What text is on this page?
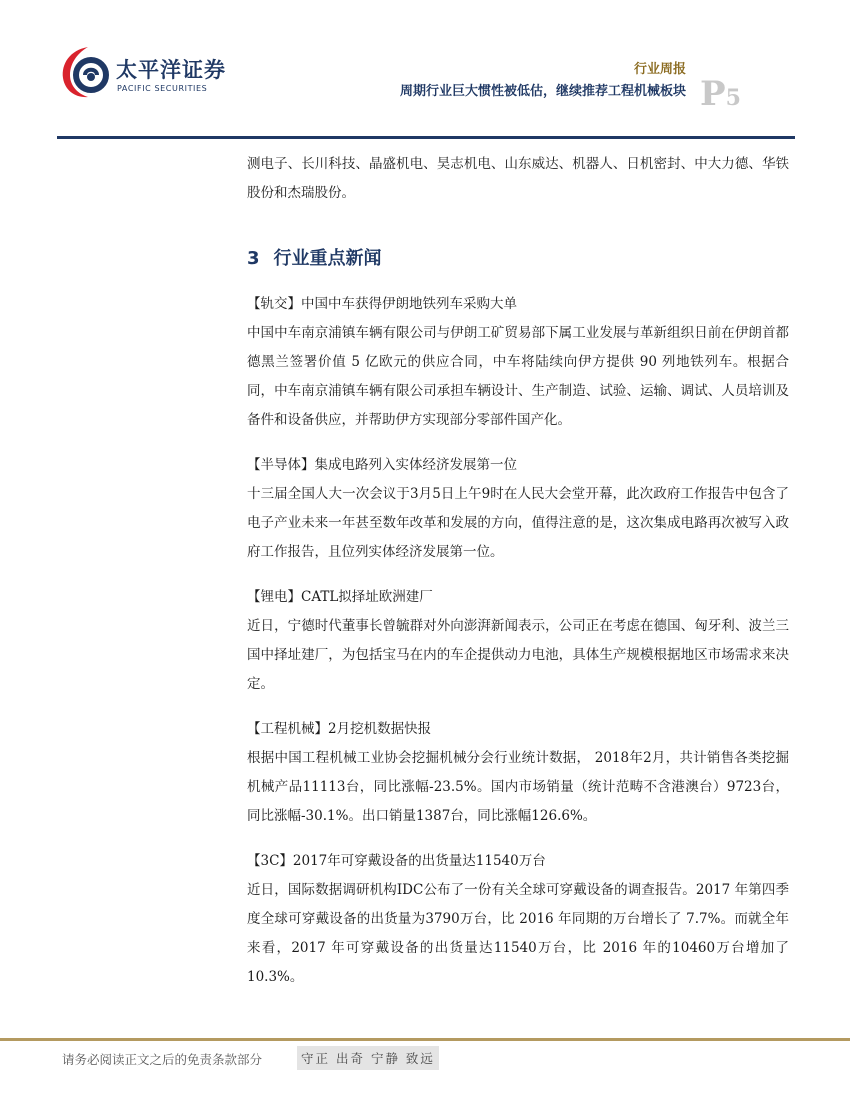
太平洋证券
PACIFIC SECURITIES
行业周报
周期行业巨大惯性被低估，继续推荐工程机械板块 P5

测电子、长川科技、晶盛机电、昊志机电、山东威达、机器人、日机密封、中大力德、华铁股份和杰瑞股份。

3 行业重点新闻

【轨交】中国中车获得伊朗地铁列车采购大单

中国中车南京浦镇车辆有限公司与伊朗工矿贸易部下属工业发展与革新组织日前在伊朗首都德黑兰签署价值 5 亿欧元的供应合同，中车将陆续向伊方提供 90 列地铁列车。根据合同，中车南京浦镇车辆有限公司承担车辆设计、生产制造、试验、运输、调试、人员培训及备件和设备供应，并帮助伊方实现部分零部件国产化。

【半导体】集成电路列入实体经济发展第一位

十三届全国人大一次会议于3月5日上午9时在人民大会堂开幕，此次政府工作报告中包含了电子产业未来一年甚至数年改革和发展的方向，值得注意的是，这次集成电路再次被写入政府工作报告，且位列实体经济发展第一位。

【锂电】CATL拟择址欧洲建厂

近日，宁德时代董事长曾毓群对外向澎湃新闻表示，公司正在考虑在德国、匈牙利、波兰三国中择址建厂，为包括宝马在内的车企提供动力电池，具体生产规模根据地区市场需求来决定。

【工程机械】2月挖机数据快报

根据中国工程机械工业协会挖掘机械分会行业统计数据， 2018年2月，共计销售各类挖掘机械产品11113台，同比涨幅-23.5%。国内市场销量（统计范畴不含港澳台）9723台，同比涨幅-30.1%。出口销量1387台，同比涨幅126.6%。

【3C】2017年可穿戴设备的出货量达11540万台

近日，国际数据调研机构IDC公布了一份有关全球可穿戴设备的调查报告。2017 年第四季度全球可穿戴设备的出货量为3790万台，比 2016 年同期的万台增长了 7.7%。而就全年来看，2017 年可穿戴设备的出货量达11540万台，比 2016 年的10460万台增加了10.3%。

请务必阅读正文之后的免责条款部分	守正 出奇 宁静 致远
